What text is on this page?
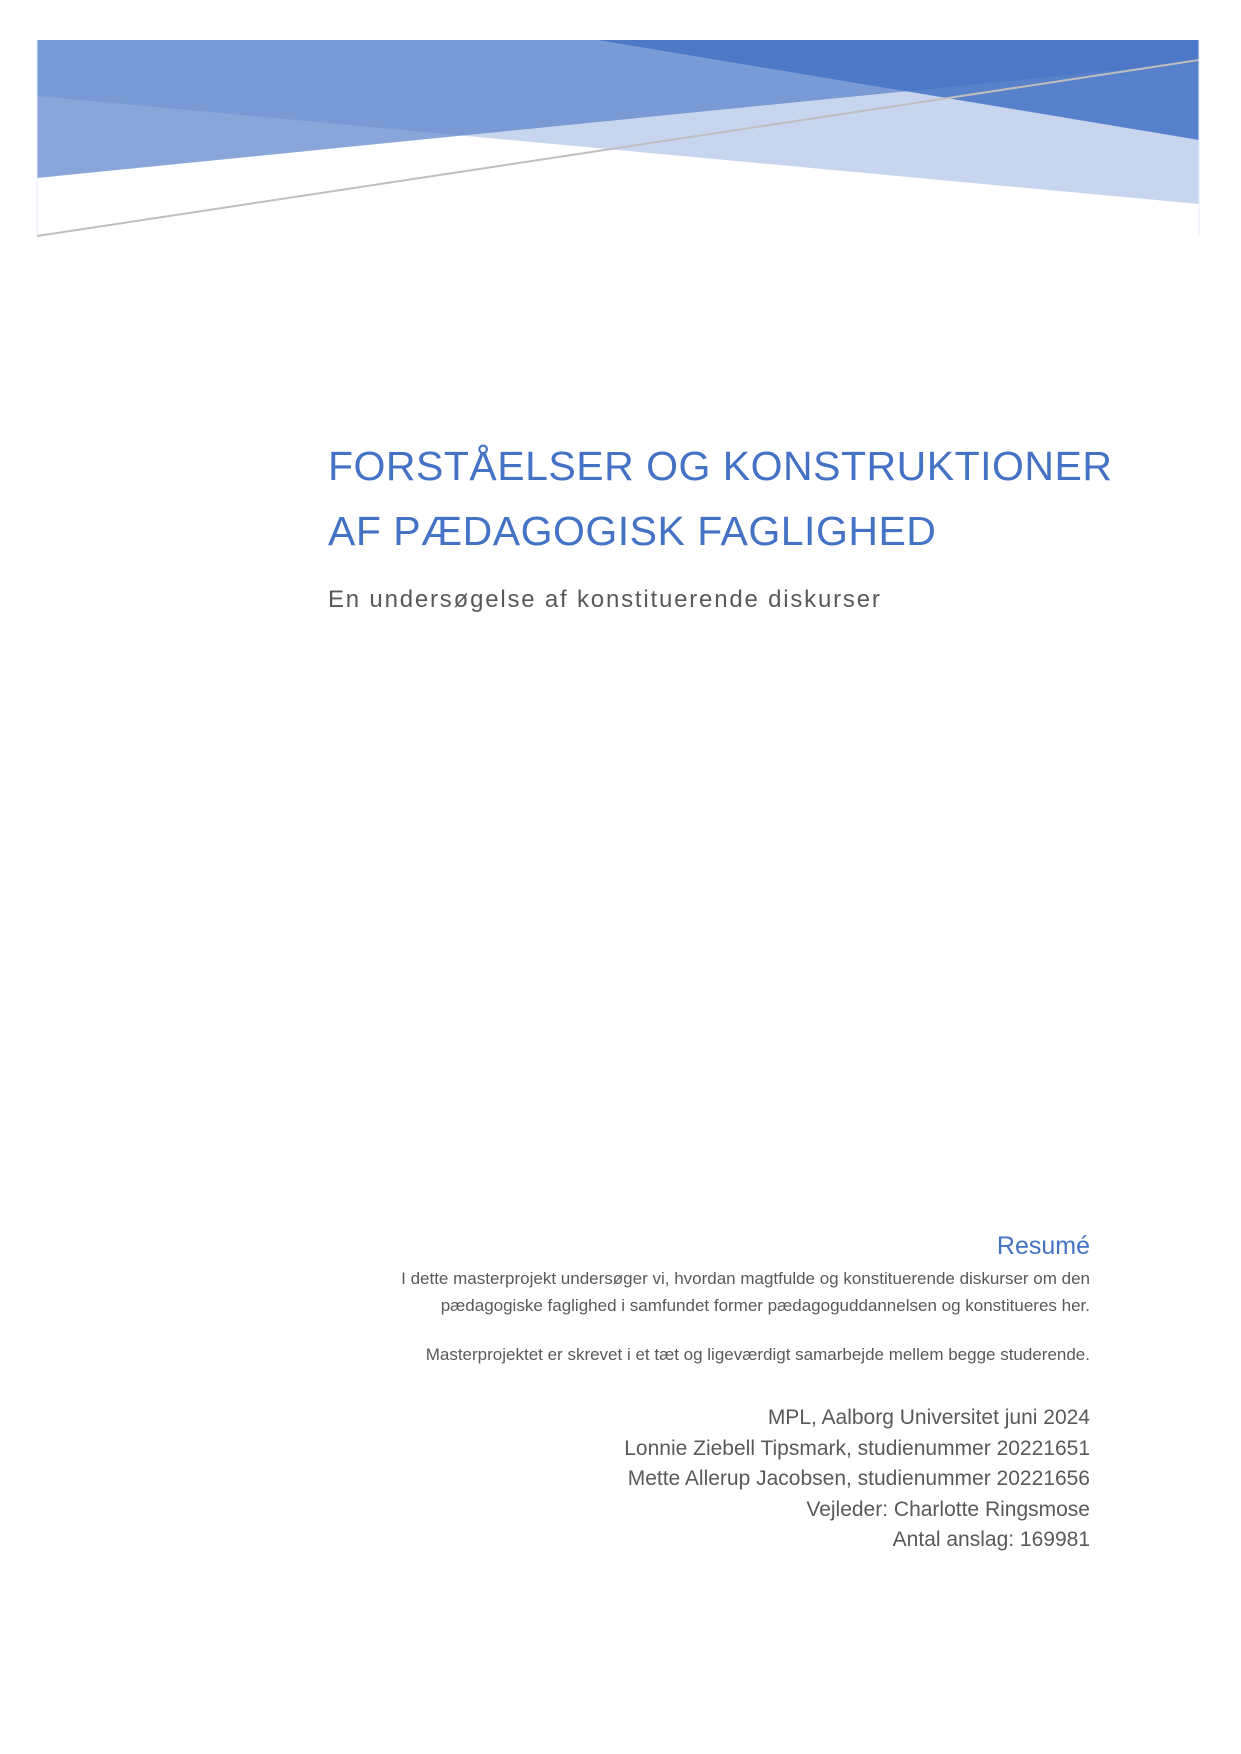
FORSTÅELSER OG KONSTRUKTIONER
AF PÆDAGOGISK FAGLIGHED

En undersøgelse af konstituerende diskurser

Resumé

I dette masterprojekt undersøger vi, hvordan magtfulde og konstituerende diskurser om den
pædagogiske faglighed i samfundet former pædagoguddannelsen og konstitueres her.

Masterprojektet er skrevet i et tæt og ligeværdigt samarbejde mellem begge studerende.

MPL, Aalborg Universitet juni 2024
Lonnie Ziebell Tipsmark, studienummer 20221651
Mette Allerup Jacobsen, studienummer 20221656
Vejleder: Charlotte Ringsmose
Antal anslag: 169981
